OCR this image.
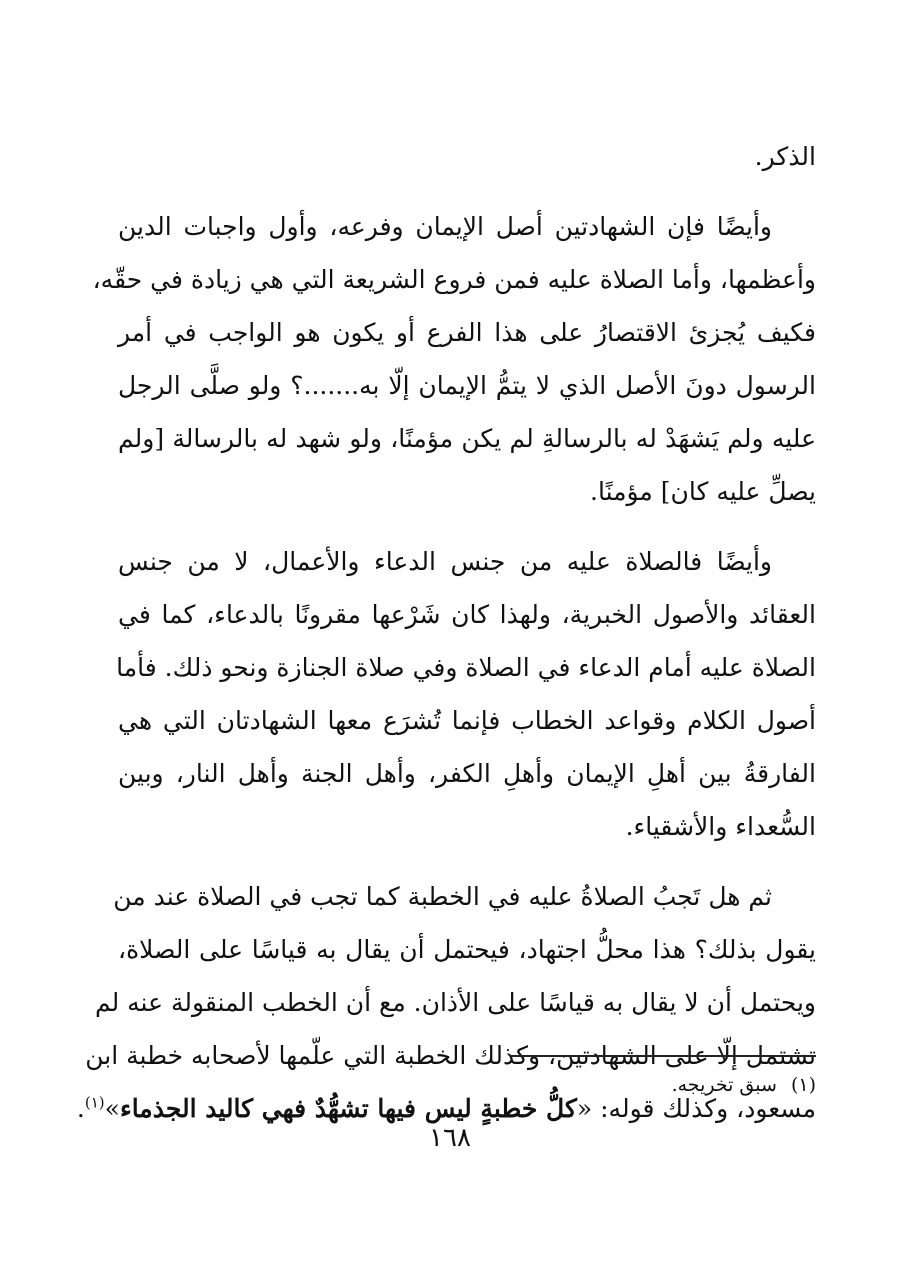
الذكر.
وأيضًا فإن الشهادتين أصل الإيمان وفرعه، وأول واجبات الدين
وأعظمها، وأما الصلاة عليه فمن فروع الشريعة التي هي زيادة في حقّه،
فكيف يُجزئ الاقتصارُ على هذا الفرع أو يكون هو الواجب في أمر
الرسول دونَ الأصل الذي لا يتمُّ الإيمان إلّا به.......؟ ولو صلَّى الرجل
عليه ولم يَشهَدْ له بالرسالةِ لم يكن مؤمنًا، ولو شهد له بالرسالة [ولم
يصلِّ عليه كان] مؤمنًا.
وأيضًا فالصلاة عليه من جنس الدعاء والأعمال، لا من جنس
العقائد والأصول الخبرية، ولهذا كان شَرْعها مقرونًا بالدعاء، كما في
الصلاة عليه أمام الدعاء في الصلاة وفي صلاة الجنازة ونحو ذلك. فأما
أصول الكلام وقواعد الخطاب فإنما تُشرَع معها الشهادتان التي هي
الفارقةُ بين أهلِ الإيمان وأهلِ الكفر، وأهل الجنة وأهل النار، وبين
السُّعداء والأشقياء.
ثم هل تَجبُ الصلاةُ عليه في الخطبة كما تجب في الصلاة عند من
يقول بذلك؟ هذا محلُّ اجتهاد، فيحتمل أن يقال به قياسًا على الصلاة،
ويحتمل أن لا يقال به قياسًا على الأذان. مع أن الخطب المنقولة عنه لم
تشتمل إلّا على الشهادتين، وكذلك الخطبة التي علّمها لأصحابه خطبة ابن
مسعود، وكذلك قوله: «كلُّ خطبةٍ ليس فيها تشهُّدٌ فهي كاليد الجذماء»$^{(١)}$.
(١)سبق تخريجه.
١٦٨
